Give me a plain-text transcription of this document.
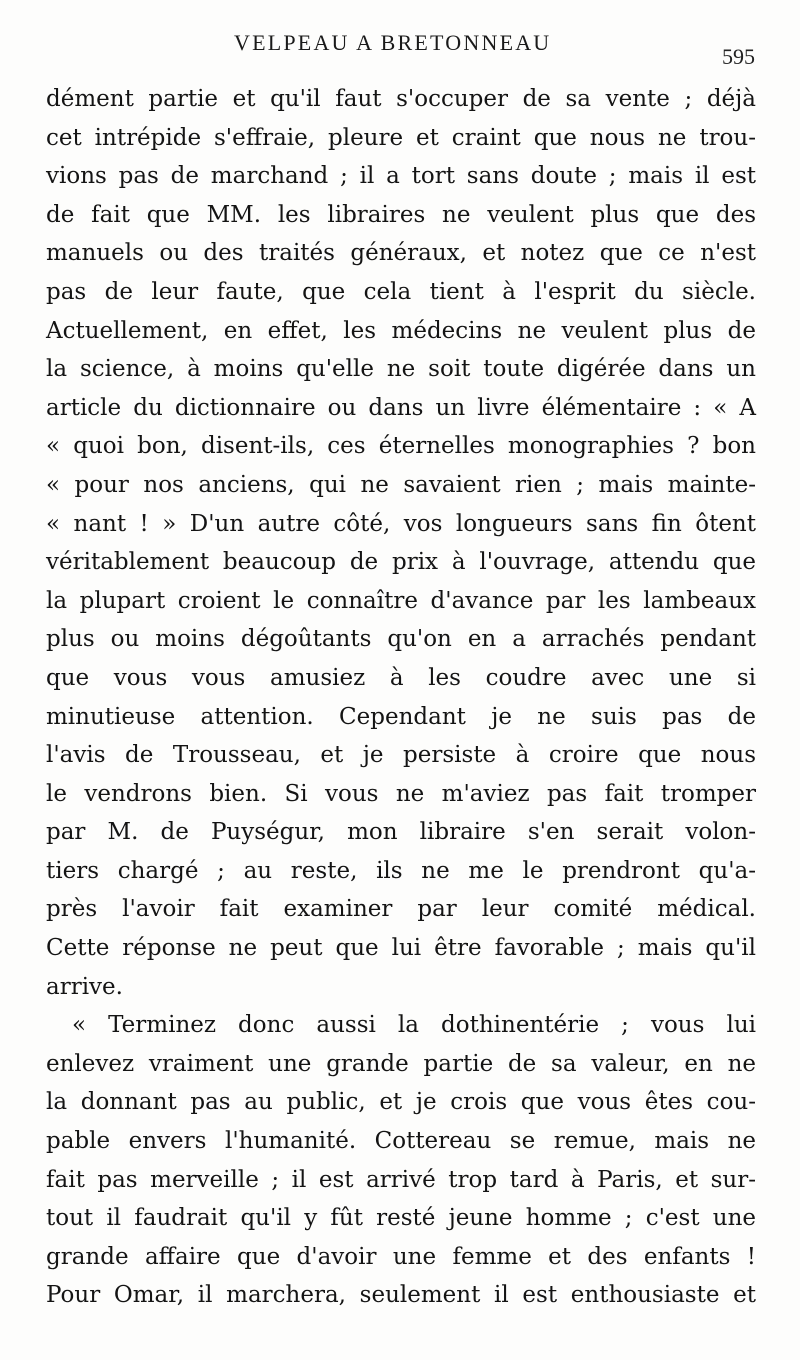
VELPEAU A BRETONNEAU
595
dément partie et qu'il faut s'occuper de sa vente ; déjà
cet intrépide s'effraie, pleure et craint que nous ne trou-
vions pas de marchand ; il a tort sans doute ; mais il est
de fait que MM. les libraires ne veulent plus que des
manuels ou des traités généraux, et notez que ce n'est
pas de leur faute, que cela tient à l'esprit du siècle.
Actuellement, en effet, les médecins ne veulent plus de
la science, à moins qu'elle ne soit toute digérée dans un
article du dictionnaire ou dans un livre élémentaire : « A
« quoi bon, disent-ils, ces éternelles monographies ? bon
« pour nos anciens, qui ne savaient rien ; mais mainte-
« nant ! » D'un autre côté, vos longueurs sans fin ôtent
véritablement beaucoup de prix à l'ouvrage, attendu que
la plupart croient le connaître d'avance par les lambeaux
plus ou moins dégoûtants qu'on en a arrachés pendant
que vous vous amusiez à les coudre avec une si
minutieuse attention. Cependant je ne suis pas de
l'avis de Trousseau, et je persiste à croire que nous
le vendrons bien. Si vous ne m'aviez pas fait tromper
par M. de Puységur, mon libraire s'en serait volon-
tiers chargé ; au reste, ils ne me le prendront qu'a-
près l'avoir fait examiner par leur comité médical.
Cette réponse ne peut que lui être favorable ; mais qu'il
arrive.
« Terminez donc aussi la dothinentérie ; vous lui
enlevez vraiment une grande partie de sa valeur, en ne
la donnant pas au public, et je crois que vous êtes cou-
pable envers l'humanité. Cottereau se remue, mais ne
fait pas merveille ; il est arrivé trop tard à Paris, et sur-
tout il faudrait qu'il y fût resté jeune homme ; c'est une
grande affaire que d'avoir une femme et des enfants !
Pour Omar, il marchera, seulement il est enthousiaste et
